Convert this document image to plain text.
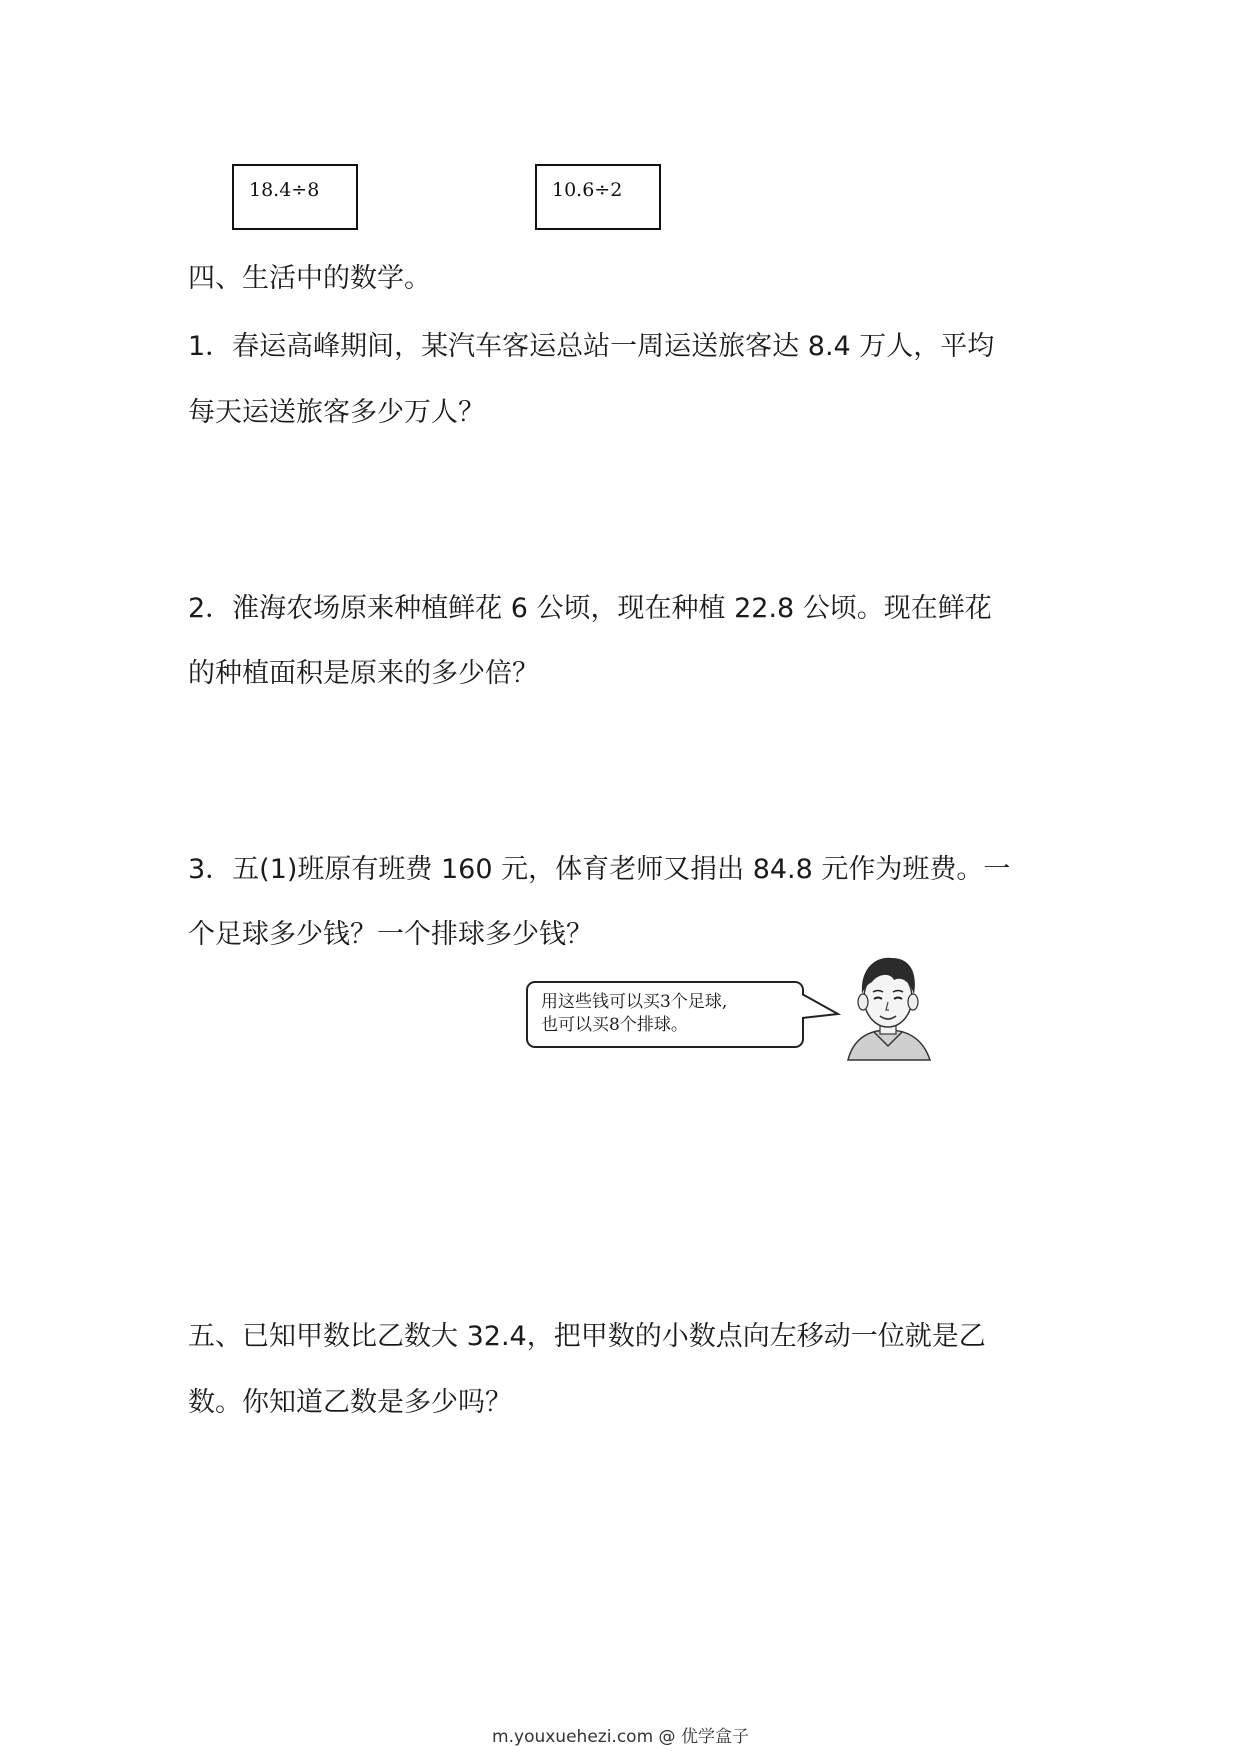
18.4÷8	10.6÷2
四、生活中的数学。
1．春运高峰期间，某汽车客运总站一周运送旅客达 8.4 万人，平均
每天运送旅客多少万人？
2．淮海农场原来种植鲜花 6 公顷，现在种植 22.8 公顷。现在鲜花
的种植面积是原来的多少倍？
3．五(1)班原有班费 160 元，体育老师又捐出 84.8 元作为班费。一
个足球多少钱？一个排球多少钱？
用这些钱可以买3个足球,
也可以买8个排球。
m.youxuehezi.com @ 优学盒子
五、已知甲数比乙数大 32.4，把甲数的小数点向左移动一位就是乙
数。你知道乙数是多少吗？
